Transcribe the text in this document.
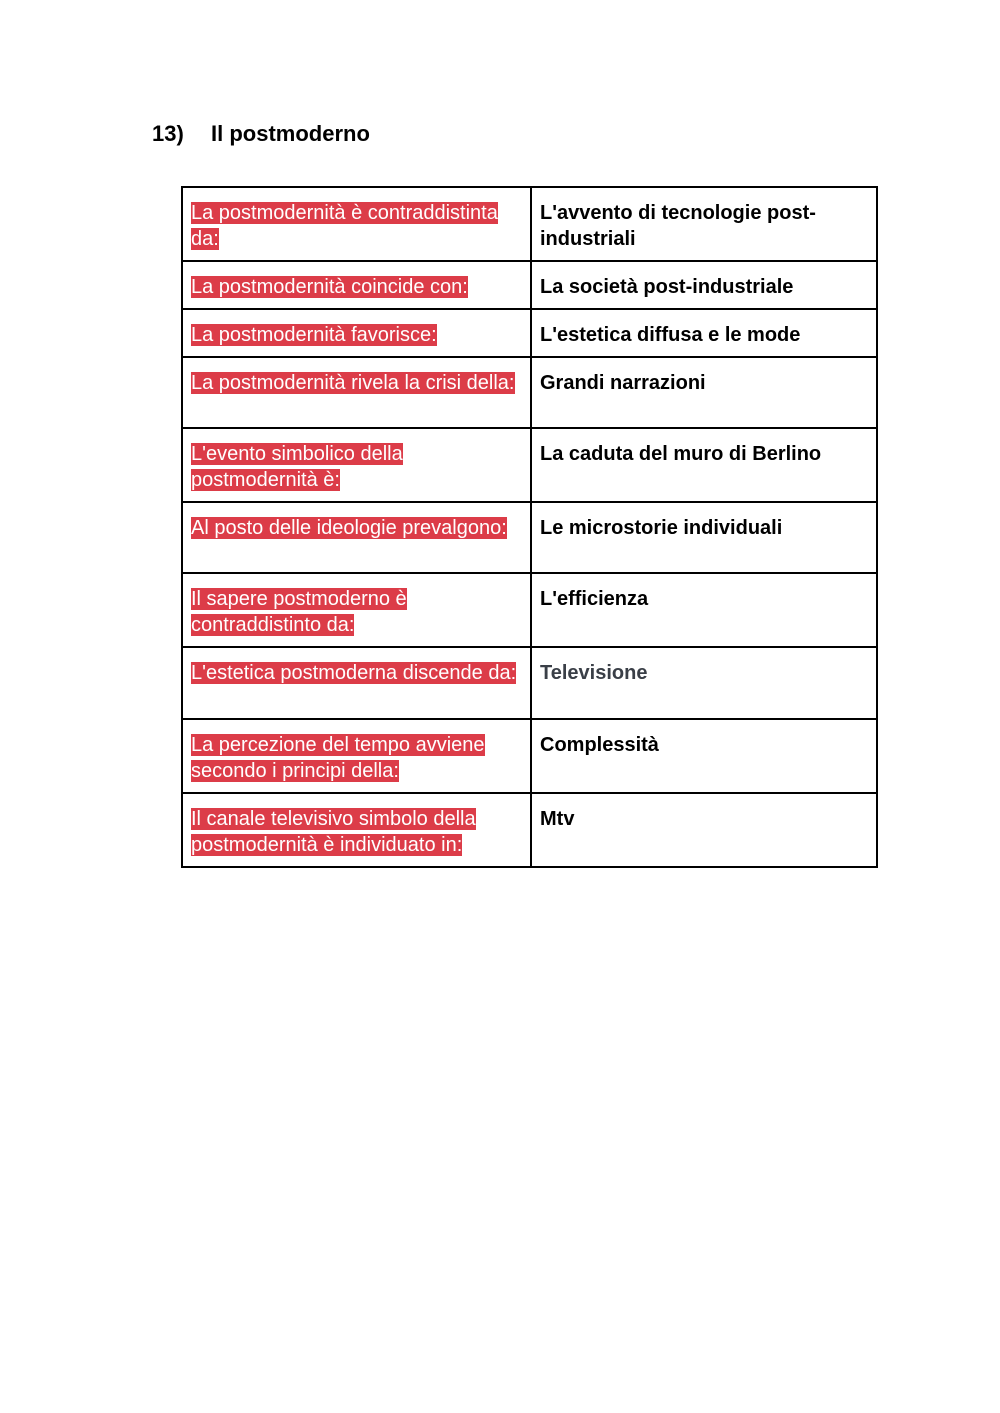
13) Il postmoderno
La postmodernità è contraddistinta da:	L'avvento di tecnologie post-industriali
La postmodernità coincide con:	La società post-industriale
La postmodernità favorisce:	L'estetica diffusa e le mode
La postmodernità rivela la crisi della:	Grandi narrazioni
L'evento simbolico della postmodernità è:	La caduta del muro di Berlino
Al posto delle ideologie prevalgono:	Le microstorie individuali
Il sapere postmoderno è contraddistinto da:	L'efficienza
L'estetica postmoderna discende da:	Televisione
La percezione del tempo avviene secondo i principi della:	Complessità
Il canale televisivo simbolo della postmodernità è individuato in:	Mtv
